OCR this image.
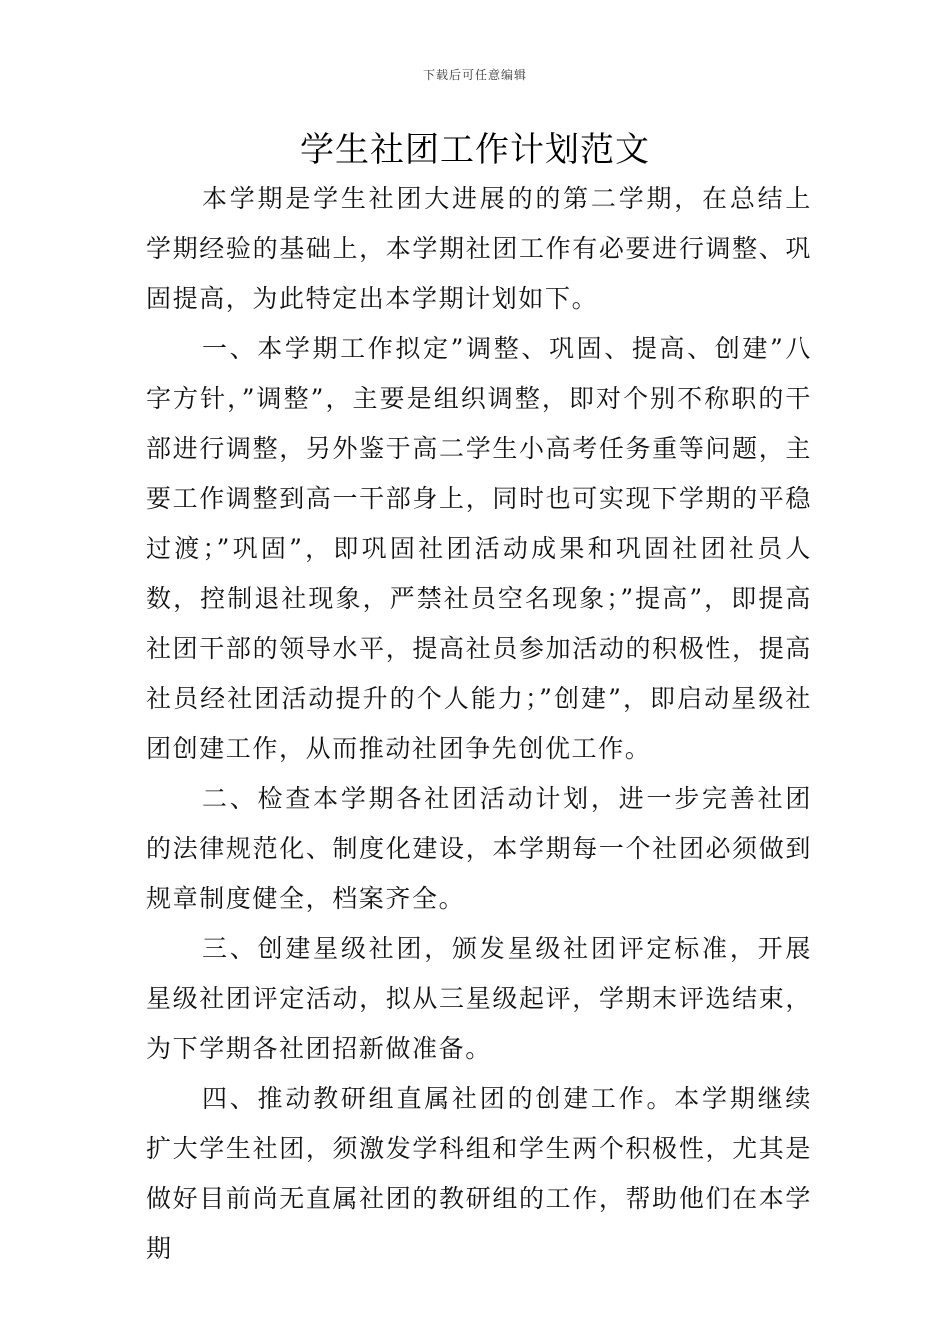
下载后可任意编辑
学生社团工作计划范文

本学期是学生社团大进展的的第二学期，在总结上学期经验的基础上，本学期社团工作有必要进行调整、巩固提高，为此特定出本学期计划如下。

一、本学期工作拟定”调整、巩固、提高、创建”八字方针，”调整”，主要是组织调整，即对个别不称职的干部进行调整，另外鉴于高二学生小高考任务重等问题，主要工作调整到高一干部身上，同时也可实现下学期的平稳过渡；”巩固”，即巩固社团活动成果和巩固社团社员人数，控制退社现象，严禁社员空名现象；”提高”，即提高社团干部的领导水平，提高社员参加活动的积极性，提高社员经社团活动提升的个人能力；”创建”，即启动星级社团创建工作，从而推动社团争先创优工作。

二、检查本学期各社团活动计划，进一步完善社团的法律规范化、制度化建设，本学期每一个社团必须做到规章制度健全，档案齐全。

三、创建星级社团，颁发星级社团评定标准，开展星级社团评定活动，拟从三星级起评，学期末评选结束，为下学期各社团招新做准备。

四、推动教研组直属社团的创建工作。本学期继续扩大学生社团，须激发学科组和学生两个积极性，尤其是做好目前尚无直属社团的教研组的工作，帮助他们在本学期
